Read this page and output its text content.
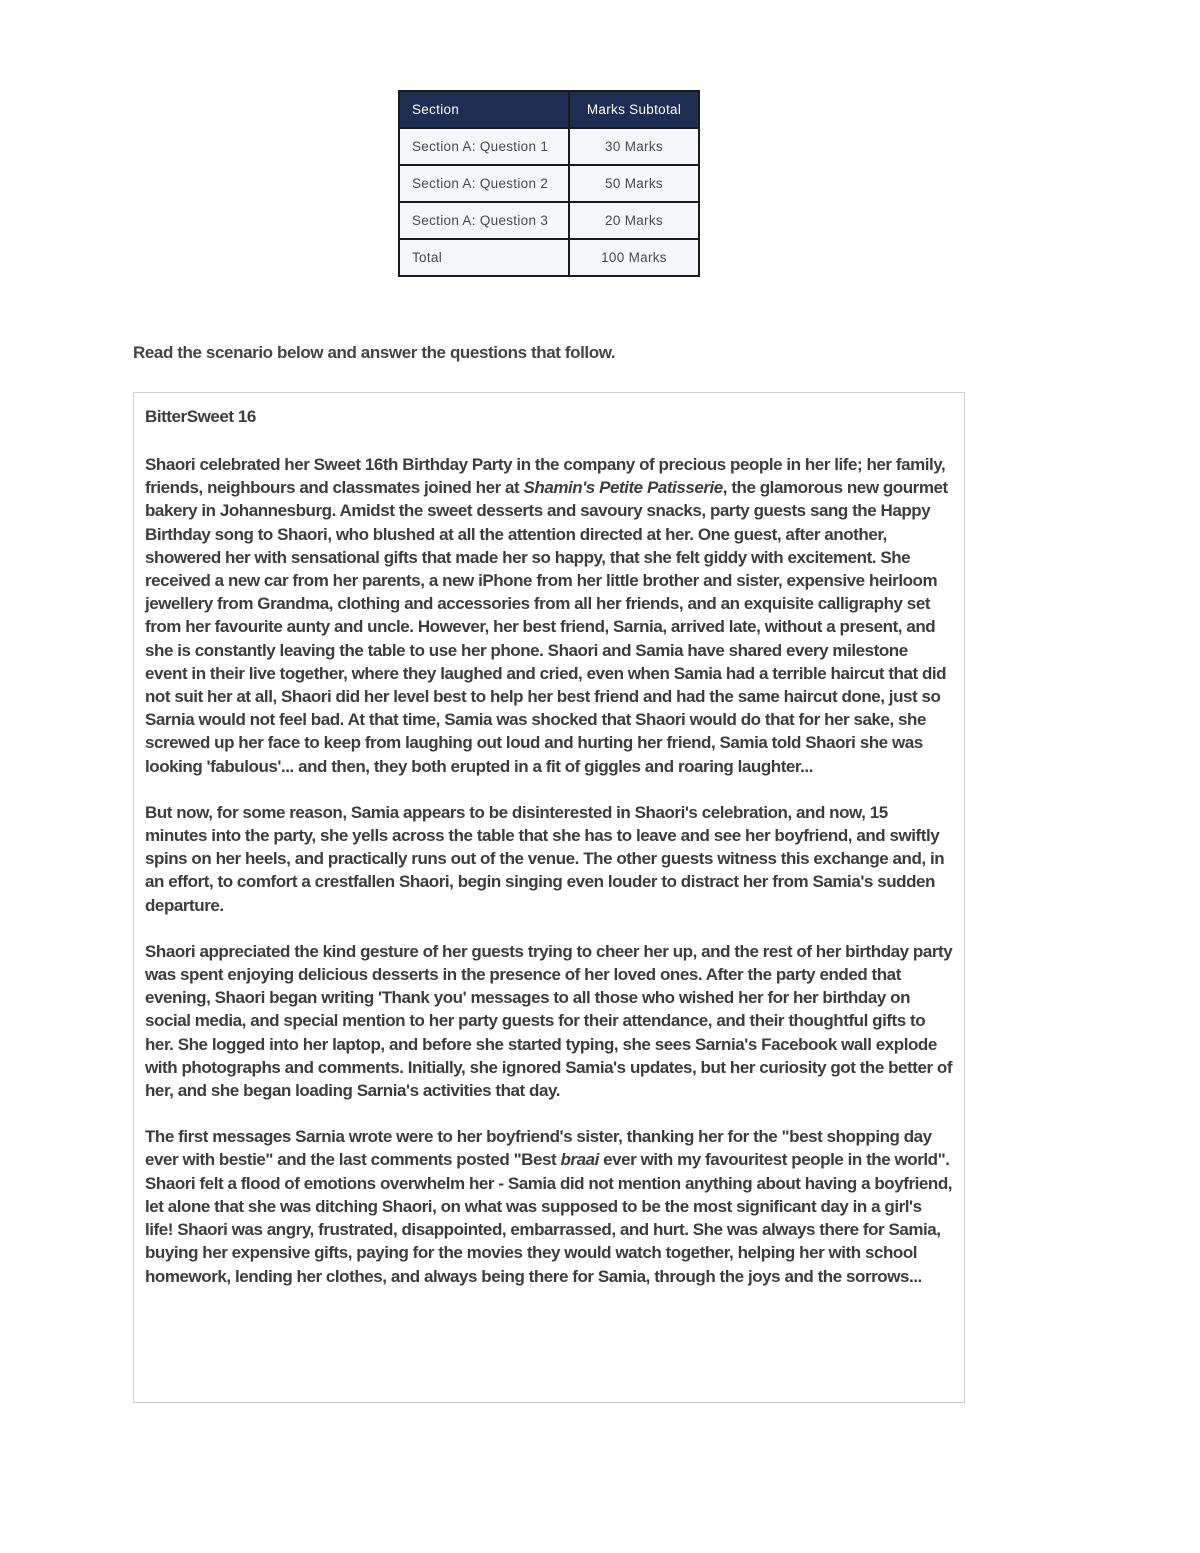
Section	Marks Subtotal
Section A: Question 1	30 Marks
Section A: Question 2	50 Marks
Section A: Question 3	20 Marks
Total	100 Marks

Read the scenario below and answer the questions that follow.

BitterSweet 16

Shaori celebrated her Sweet 16th Birthday Party in the company of precious people in her life; her family, friends, neighbours and classmates joined her at Shamin's Petite Patisserie, the glamorous new gourmet bakery in Johannesburg. Amidst the sweet desserts and savoury snacks, party guests sang the Happy Birthday song to Shaori, who blushed at all the attention directed at her. One guest, after another, showered her with sensational gifts that made her so happy, that she felt giddy with excitement. She received a new car from her parents, a new iPhone from her little brother and sister, expensive heirloom jewellery from Grandma, clothing and accessories from all her friends, and an exquisite calligraphy set from her favourite aunty and uncle. However, her best friend, Sarnia, arrived late, without a present, and she is constantly leaving the table to use her phone. Shaori and Samia have shared every milestone event in their live together, where they laughed and cried, even when Samia had a terrible haircut that did not suit her at all, Shaori did her level best to help her best friend and had the same haircut done, just so Sarnia would not feel bad. At that time, Samia was shocked that Shaori would do that for her sake, she screwed up her face to keep from laughing out loud and hurting her friend, Samia told Shaori she was looking 'fabulous'... and then, they both erupted in a fit of giggles and roaring laughter...

But now, for some reason, Samia appears to be disinterested in Shaori's celebration, and now, 15 minutes into the party, she yells across the table that she has to leave and see her boyfriend, and swiftly spins on her heels, and practically runs out of the venue. The other guests witness this exchange and, in an effort, to comfort a crestfallen Shaori, begin singing even louder to distract her from Samia's sudden departure.

Shaori appreciated the kind gesture of her guests trying to cheer her up, and the rest of her birthday party was spent enjoying delicious desserts in the presence of her loved ones. After the party ended that evening, Shaori began writing 'Thank you' messages to all those who wished her for her birthday on social media, and special mention to her party guests for their attendance, and their thoughtful gifts to her. She logged into her laptop, and before she started typing, she sees Sarnia's Facebook wall explode with photographs and comments. Initially, she ignored Samia's updates, but her curiosity got the better of her, and she began loading Sarnia's activities that day.

The first messages Sarnia wrote were to her boyfriend's sister, thanking her for the "best shopping day ever with bestie" and the last comments posted "Best braai ever with my favouritest people in the world". Shaori felt a flood of emotions overwhelm her - Samia did not mention anything about having a boyfriend, let alone that she was ditching Shaori, on what was supposed to be the most significant day in a girl's life! Shaori was angry, frustrated, disappointed, embarrassed, and hurt. She was always there for Samia, buying her expensive gifts, paying for the movies they would watch together, helping her with school homework, lending her clothes, and always being there for Samia, through the joys and the sorrows...
